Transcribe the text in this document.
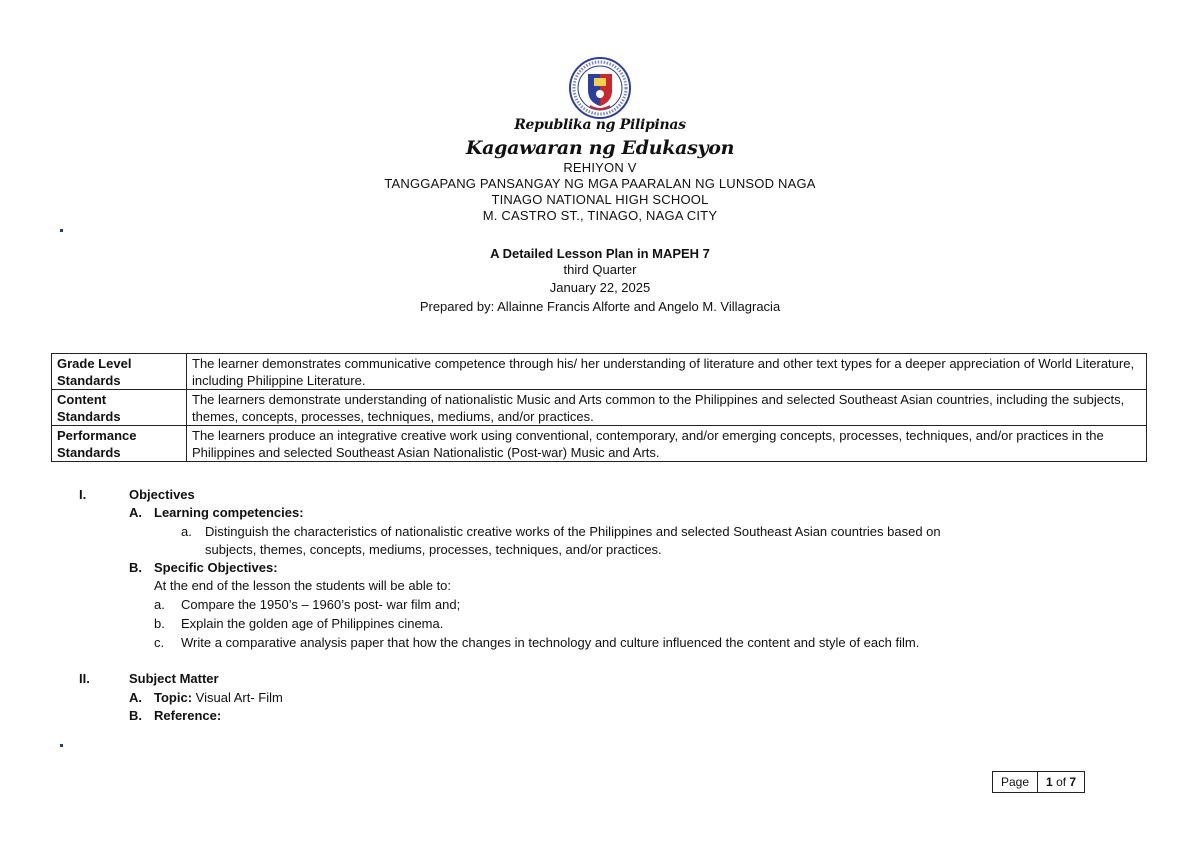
Republika ng Pilipinas
Kagawaran ng Edukasyon
REHIYON V
TANGGAPANG PANSANGAY NG MGA PAARALAN NG LUNSOD NAGA
TINAGO NATIONAL HIGH SCHOOL
M. CASTRO ST., TINAGO, NAGA CITY
A Detailed Lesson Plan in MAPEH 7
third Quarter
January 22, 2025
Prepared by: Allainne Francis Alforte and Angelo M. Villagracia
Grade Level
Standards	The learner demonstrates communicative competence through his/ her understanding of literature and other text types for a deeper appreciation of World Literature, including Philippine Literature.
Content
Standards	The learners demonstrate understanding of nationalistic Music and Arts common to the Philippines and selected Southeast Asian countries, including the subjects, themes, concepts, processes, techniques, mediums, and/or practices.
Performance
Standards	The learners produce an integrative creative work using conventional, contemporary, and/or emerging concepts, processes, techniques, and/or practices in the Philippines and selected Southeast Asian Nationalistic (Post-war) Music and Arts.
I.	Objectives
A. Learning competencies:
a. Distinguish the characteristics of nationalistic creative works of the Philippines and selected Southeast Asian countries based on
subjects, themes, concepts, mediums, processes, techniques, and/or practices.
B. Specific Objectives:
At the end of the lesson the students will be able to:
a. Compare the 1950’s – 1960’s post- war film and;
b. Explain the golden age of Philippines cinema.
c. Write a comparative analysis paper that how the changes in technology and culture influenced the content and style of each film.
II.	Subject Matter
A. Topic: Visual Art- Film
B. Reference:
Page	1 of 7
